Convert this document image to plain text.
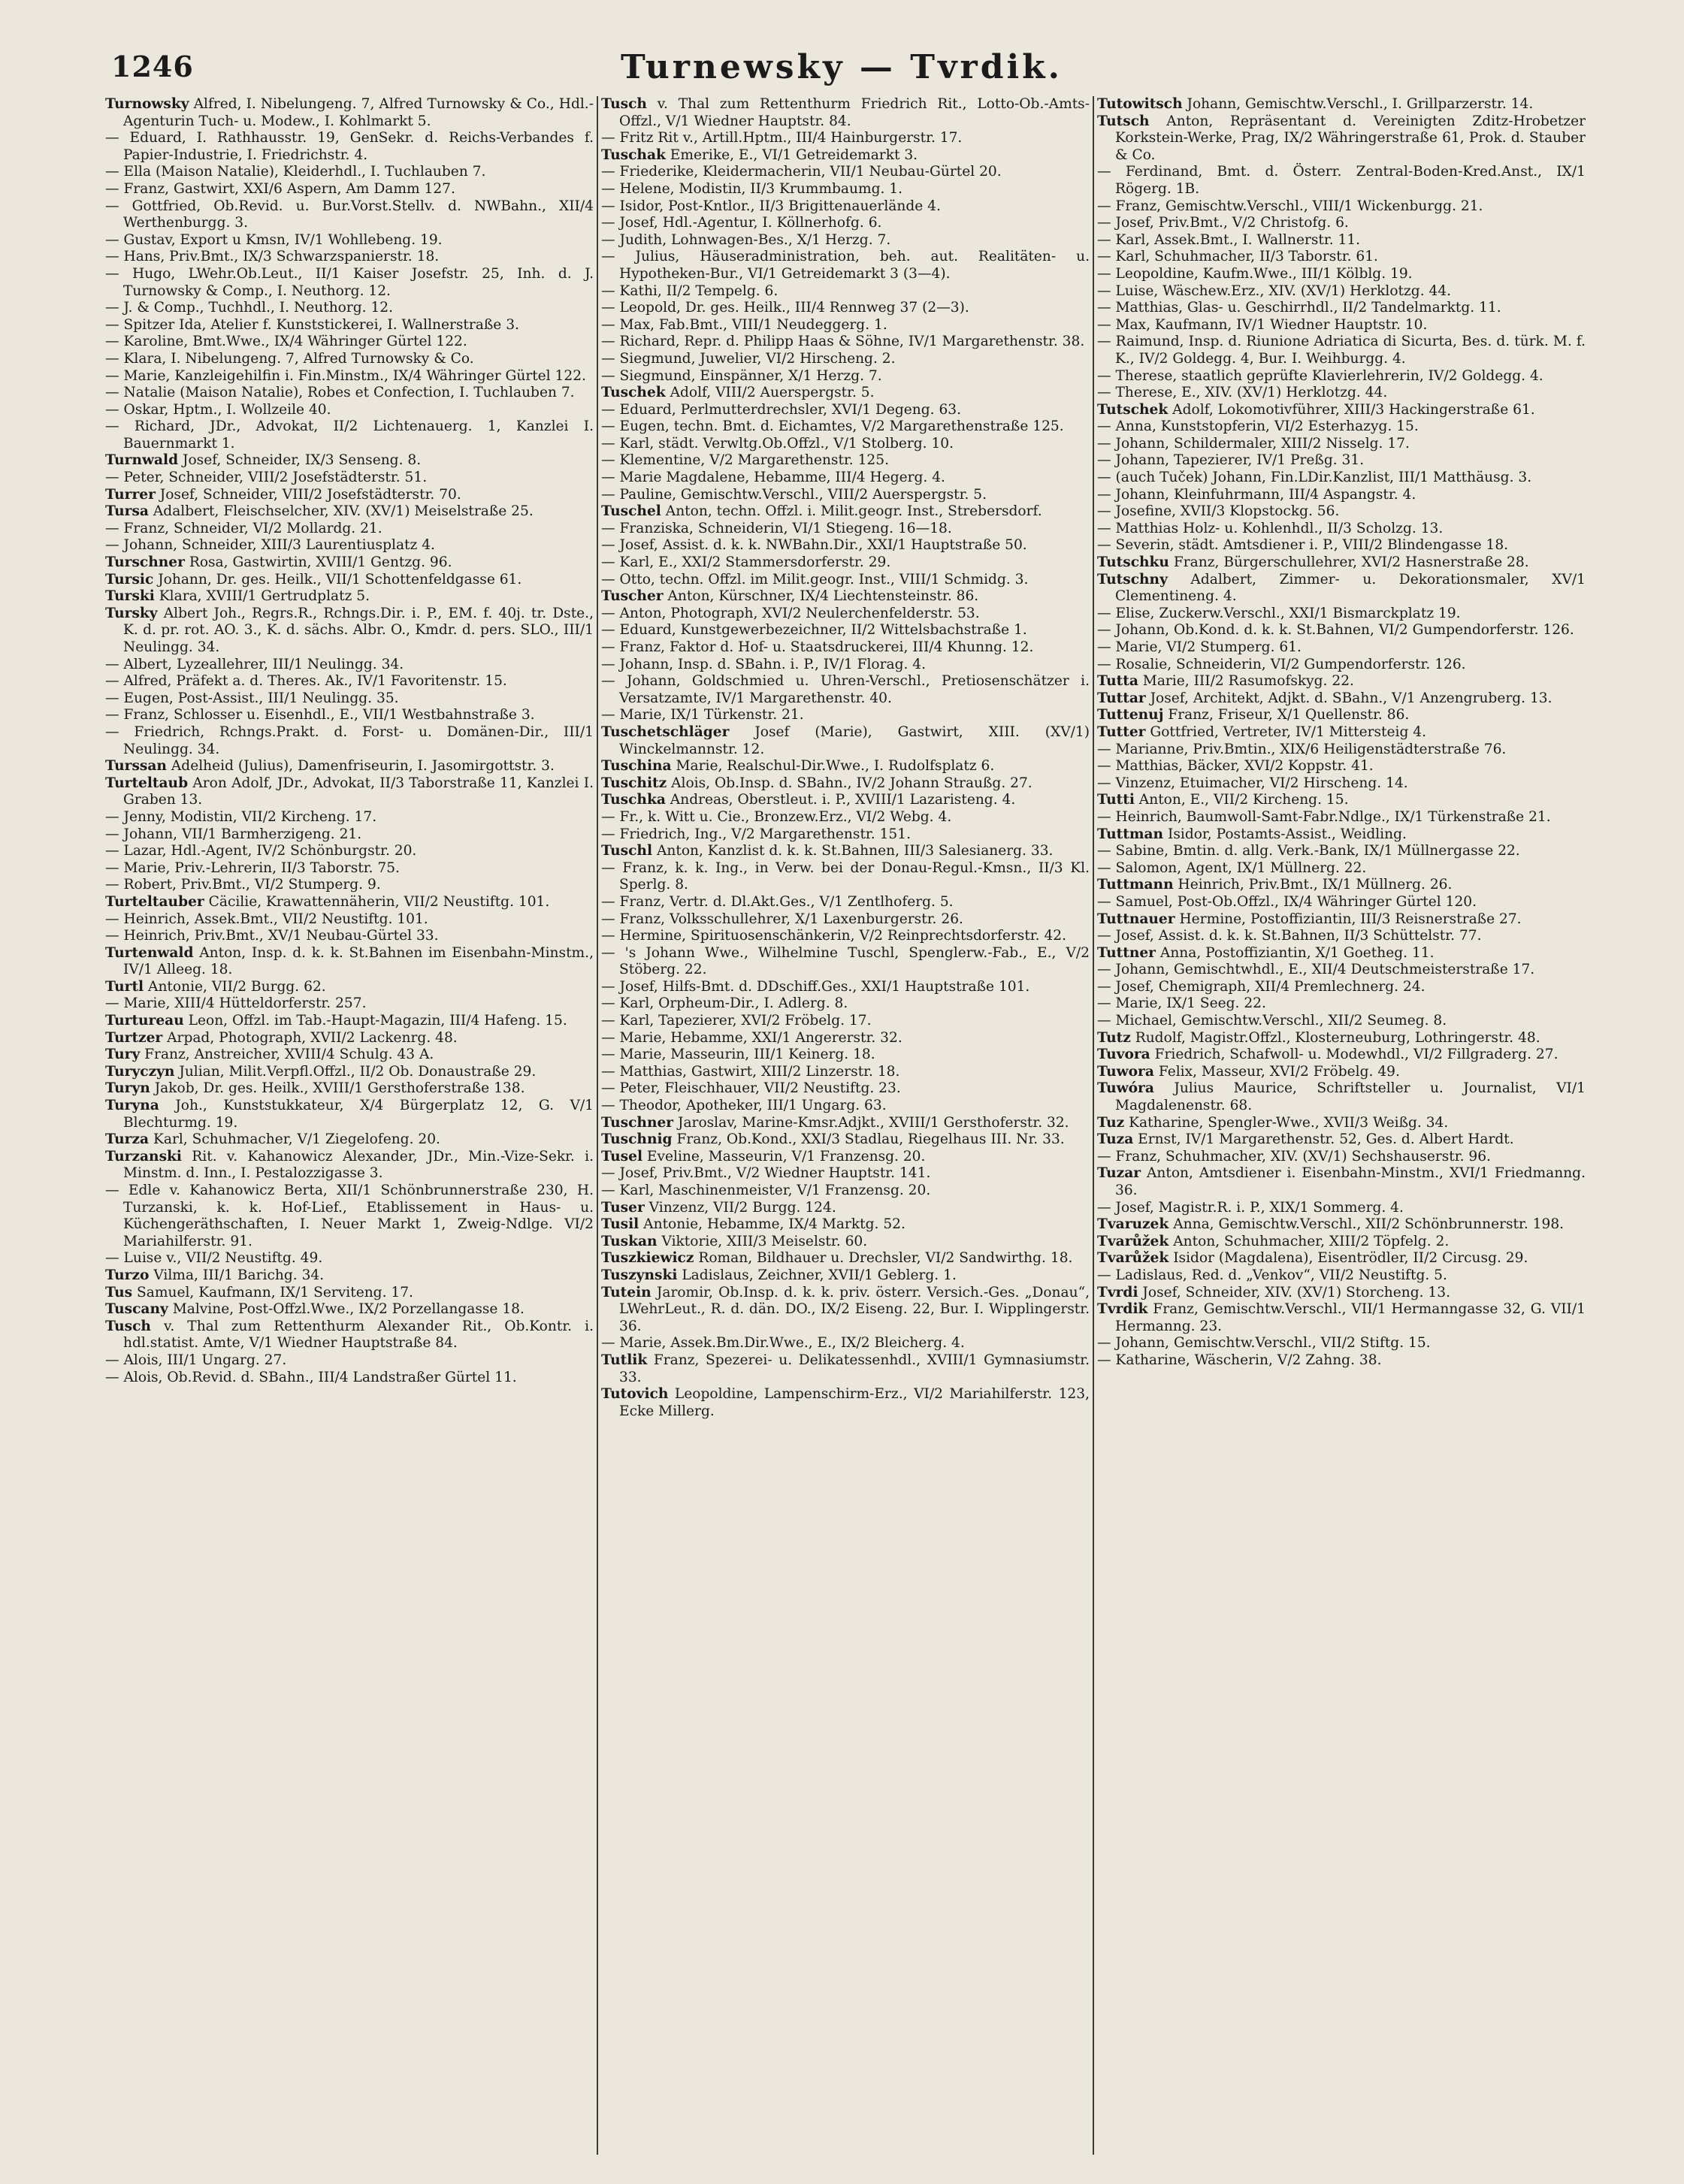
1246	Turnewsky — Tvrdik.

Turnowsky Alfred, I. Nibelungeng. 7, Alfred Turnowsky & Co., Hdl.-Agenturin Tuch- u. Modew., I. Kohlmarkt 5.

— Eduard, I. Rathhausstr. 19, GenSekr. d. Reichs-Verbandes f. Papier-Industrie, I. Friedrichstr. 4.

— Ella (Maison Natalie), Kleiderhdl., I. Tuchlauben 7.

— Franz, Gastwirt, XXI/6 Aspern, Am Damm 127.

— Gottfried, Ob.Revid. u. Bur.Vorst.Stellv. d. NWBahn., XII/4 Werthenburgg. 3.

— Gustav, Export u Kmsn, IV/1 Wohllebeng. 19.

— Hans, Priv.Bmt., IX/3 Schwarzspanierstr. 18.

— Hugo, LWehr.Ob.Leut., II/1 Kaiser Josefstr. 25, Inh. d. J. Turnowsky & Comp., I. Neuthorg. 12.

— J. & Comp., Tuchhdl., I. Neuthorg. 12.

— Spitzer Ida, Atelier f. Kunststickerei, I. Wallnerstraße 3.

— Karoline, Bmt.Wwe., IX/4 Währinger Gürtel 122.

— Klara, I. Nibelungeng. 7, Alfred Turnowsky & Co.

— Marie, Kanzleigehilfin i. Fin.Minstm., IX/4 Währinger Gürtel 122.

— Natalie (Maison Natalie), Robes et Confection, I. Tuchlauben 7.

— Oskar, Hptm., I. Wollzeile 40.

— Richard, JDr., Advokat, II/2 Lichtenauerg. 1, Kanzlei I. Bauernmarkt 1.

Turnwald Josef, Schneider, IX/3 Senseng. 8.

— Peter, Schneider, VIII/2 Josefstädterstr. 51.

Turrer Josef, Schneider, VIII/2 Josefstädterstr. 70.

Tursa Adalbert, Fleischselcher, XIV. (XV/1) Meiselstraße 25.

— Franz, Schneider, VI/2 Mollardg. 21.

— Johann, Schneider, XIII/3 Laurentiusplatz 4.

Turschner Rosa, Gastwirtin, XVIII/1 Gentzg. 96.

Tursic Johann, Dr. ges. Heilk., VII/1 Schottenfeldgasse 61.

Turski Klara, XVIII/1 Gertrudplatz 5.

Tursky Albert Joh., Regrs.R., Rchngs.Dir. i. P., EM. f. 40j. tr. Dste., K. d. pr. rot. AO. 3., K. d. sächs. Albr. O., Kmdr. d. pers. SLO., III/1 Neulingg. 34.

— Albert, Lyzeallehrer, III/1 Neulingg. 34.

— Alfred, Präfekt a. d. Theres. Ak., IV/1 Favoritenstr. 15.

— Eugen, Post-Assist., III/1 Neulingg. 35.

— Franz, Schlosser u. Eisenhdl., E., VII/1 Westbahnstraße 3.

— Friedrich, Rchngs.Prakt. d. Forst- u. Domänen-Dir., III/1 Neulingg. 34.

Turssan Adelheid (Julius), Damenfriseurin, I. Jasomirgottstr. 3.

Turteltaub Aron Adolf, JDr., Advokat, II/3 Taborstraße 11, Kanzlei I. Graben 13.

— Jenny, Modistin, VII/2 Kircheng. 17.

— Johann, VII/1 Barmherzigeng. 21.

— Lazar, Hdl.-Agent, IV/2 Schönburgstr. 20.

— Marie, Priv.-Lehrerin, II/3 Taborstr. 75.

— Robert, Priv.Bmt., VI/2 Stumperg. 9.

Turteltauber Cäcilie, Krawattennäherin, VII/2 Neustiftg. 101.

— Heinrich, Assek.Bmt., VII/2 Neustiftg. 101.

— Heinrich, Priv.Bmt., XV/1 Neubau-Gürtel 33.

Turtenwald Anton, Insp. d. k. k. St.Bahnen im Eisenbahn-Minstm., IV/1 Alleeg. 18.

Turtl Antonie, VII/2 Burgg. 62.

— Marie, XIII/4 Hütteldorferstr. 257.

Turtureau Leon, Offzl. im Tab.-Haupt-Magazin, III/4 Hafeng. 15.

Turtzer Arpad, Photograph, XVII/2 Lackenrg. 48.

Tury Franz, Anstreicher, XVIII/4 Schulg. 43 A.

Turyczyn Julian, Milit.Verpfl.Offzl., II/2 Ob. Donaustraße 29.

Turyn Jakob, Dr. ges. Heilk., XVIII/1 Gersthoferstraße 138.

Turyna Joh., Kunststukkateur, X/4 Bürgerplatz 12, G. V/1 Blechturmg. 19.

Turza Karl, Schuhmacher, V/1 Ziegelofeng. 20.

Turzanski Rit. v. Kahanowicz Alexander, JDr., Min.-Vize-Sekr. i. Minstm. d. Inn., I. Pestalozzigasse 3.

— Edle v. Kahanowicz Berta, XII/1 Schönbrunnerstraße 230, H. Turzanski, k. k. Hof-Lief., Etablissement in Haus- u. Küchengeräthschaften, I. Neuer Markt 1, Zweig-Ndlge. VI/2 Mariahilferstr. 91.

— Luise v., VII/2 Neustiftg. 49.

Turzo Vilma, III/1 Barichg. 34.

Tus Samuel, Kaufmann, IX/1 Serviteng. 17.

Tuscany Malvine, Post-Offzl.Wwe., IX/2 Porzellangasse 18.

Tusch v. Thal zum Rettenthurm Alexander Rit., Ob.Kontr. i. hdl.statist. Amte, V/1 Wiedner Hauptstraße 84.

— Alois, III/1 Ungarg. 27.

— Alois, Ob.Revid. d. SBahn., III/4 Landstraßer Gürtel 11.

Tusch v. Thal zum Rettenthurm Friedrich Rit., Lotto-Ob.-Amts-Offzl., V/1 Wiedner Hauptstr. 84.

— Fritz Rit v., Artill.Hptm., III/4 Hainburgerstr. 17.

Tuschak Emerike, E., VI/1 Getreidemarkt 3.

— Friederike, Kleidermacherin, VII/1 Neubau-Gürtel 20.

— Helene, Modistin, II/3 Krummbaumg. 1.

— Isidor, Post-Kntlor., II/3 Brigittenauerlände 4.

— Josef, Hdl.-Agentur, I. Köllnerhofg. 6.

— Judith, Lohnwagen-Bes., X/1 Herzg. 7.

— Julius, Häuseradministration, beh. aut. Realitäten- u. Hypotheken-Bur., VI/1 Getreidemarkt 3 (3—4).

— Kathi, II/2 Tempelg. 6.

— Leopold, Dr. ges. Heilk., III/4 Rennweg 37 (2—3).

— Max, Fab.Bmt., VIII/1 Neudeggerg. 1.

— Richard, Repr. d. Philipp Haas & Söhne, IV/1 Margarethenstr. 38.

— Siegmund, Juwelier, VI/2 Hirscheng. 2.

— Siegmund, Einspänner, X/1 Herzg. 7.

Tuschek Adolf, VIII/2 Auerspergstr. 5.

— Eduard, Perlmutterdrechsler, XVI/1 Degeng. 63.

— Eugen, techn. Bmt. d. Eichamtes, V/2 Margarethenstraße 125.

— Karl, städt. Verwltg.Ob.Offzl., V/1 Stolberg. 10.

— Klementine, V/2 Margarethenstr. 125.

— Marie Magdalene, Hebamme, III/4 Hegerg. 4.

— Pauline, Gemischtw.Verschl., VIII/2 Auerspergstr. 5.

Tuschel Anton, techn. Offzl. i. Milit.geogr. Inst., Strebersdorf.

— Franziska, Schneiderin, VI/1 Stiegeng. 16—18.

— Josef, Assist. d. k. k. NWBahn.Dir., XXI/1 Hauptstraße 50.

— Karl, E., XXI/2 Stammersdorferstr. 29.

— Otto, techn. Offzl. im Milit.geogr. Inst., VIII/1 Schmidg. 3.

Tuscher Anton, Kürschner, IX/4 Liechtensteinstr. 86.

— Anton, Photograph, XVI/2 Neulerchenfelderstr. 53.

— Eduard, Kunstgewerbezeichner, II/2 Wittelsbachstraße 1.

— Franz, Faktor d. Hof- u. Staatsdruckerei, III/4 Khunng. 12.

— Johann, Insp. d. SBahn. i. P., IV/1 Florag. 4.

— Johann, Goldschmied u. Uhren-Verschl., Pretiosenschätzer i. Versatzamte, IV/1 Margarethenstr. 40.

— Marie, IX/1 Türkenstr. 21.

Tuschetschläger Josef (Marie), Gastwirt, XIII. (XV/1) Winckelmannstr. 12.

Tuschina Marie, Realschul-Dir.Wwe., I. Rudolfsplatz 6.

Tuschitz Alois, Ob.Insp. d. SBahn., IV/2 Johann Straußg. 27.

Tuschka Andreas, Oberstleut. i. P., XVIII/1 Lazaristeng. 4.

— Fr., k. Witt u. Cie., Bronzew.Erz., VI/2 Webg. 4.

— Friedrich, Ing., V/2 Margarethenstr. 151.

Tuschl Anton, Kanzlist d. k. k. St.Bahnen, III/3 Salesianerg. 33.

— Franz, k. k. Ing., in Verw. bei der Donau-Regul.-Kmsn., II/3 Kl. Sperlg. 8.

— Franz, Vertr. d. Dl.Akt.Ges., V/1 Zentlhoferg. 5.

— Franz, Volksschullehrer, X/1 Laxenburgerstr. 26.

— Hermine, Spirituosenschänkerin, V/2 Reinprechtsdorferstr. 42.

— 's Johann Wwe., Wilhelmine Tuschl, Spenglerw.-Fab., E., V/2 Stöberg. 22.

— Josef, Hilfs-Bmt. d. DDschiff.Ges., XXI/1 Hauptstraße 101.

— Karl, Orpheum-Dir., I. Adlerg. 8.

— Karl, Tapezierer, XVI/2 Fröbelg. 17.

— Marie, Hebamme, XXI/1 Angererstr. 32.

— Marie, Masseurin, III/1 Keinerg. 18.

— Matthias, Gastwirt, XIII/2 Linzerstr. 18.

— Peter, Fleischhauer, VII/2 Neustiftg. 23.

— Theodor, Apotheker, III/1 Ungarg. 63.

Tuschner Jaroslav, Marine-Kmsr.Adjkt., XVIII/1 Gersthoferstr. 32.

Tuschnig Franz, Ob.Kond., XXI/3 Stadlau, Riegelhaus III. Nr. 33.

Tusel Eveline, Masseurin, V/1 Franzensg. 20.

— Josef, Priv.Bmt., V/2 Wiedner Hauptstr. 141.

— Karl, Maschinenmeister, V/1 Franzensg. 20.

Tuser Vinzenz, VII/2 Burgg. 124.

Tusil Antonie, Hebamme, IX/4 Marktg. 52.

Tuskan Viktorie, XIII/3 Meiselstr. 60.

Tuszkiewicz Roman, Bildhauer u. Drechsler, VI/2 Sandwirthg. 18.

Tuszynski Ladislaus, Zeichner, XVII/1 Geblerg. 1.

Tutein Jaromir, Ob.Insp. d. k. k. priv. österr. Versich.-Ges. „Donau“, LWehrLeut., R. d. dän. DO., IX/2 Eiseng. 22, Bur. I. Wipplingerstr. 36.

— Marie, Assek.Bm.Dir.Wwe., E., IX/2 Bleicherg. 4.

Tutlik Franz, Spezerei- u. Delikatessenhdl., XVIII/1 Gymnasiumstr. 33.

Tutovich Leopoldine, Lampenschirm-Erz., VI/2 Mariahilferstr. 123, Ecke Millerg.

Tutowitsch Johann, Gemischtw.Verschl., I. Grillparzerstr. 14.

Tutsch Anton, Repräsentant d. Vereinigten Zditz-Hrobetzer Korkstein-Werke, Prag, IX/2 Währingerstraße 61, Prok. d. Stauber & Co.

— Ferdinand, Bmt. d. Österr. Zentral-Boden-Kred.Anst., IX/1 Rögerg. 1B.

— Franz, Gemischtw.Verschl., VIII/1 Wickenburgg. 21.

— Josef, Priv.Bmt., V/2 Christofg. 6.

— Karl, Assek.Bmt., I. Wallnerstr. 11.

— Karl, Schuhmacher, II/3 Taborstr. 61.

— Leopoldine, Kaufm.Wwe., III/1 Kölblg. 19.

— Luise, Wäschew.Erz., XIV. (XV/1) Herklotzg. 44.

— Matthias, Glas- u. Geschirrhdl., II/2 Tandelmarktg. 11.

— Max, Kaufmann, IV/1 Wiedner Hauptstr. 10.

— Raimund, Insp. d. Riunione Adriatica di Sicurta, Bes. d. türk. M. f. K., IV/2 Goldegg. 4, Bur. I. Weihburgg. 4.

— Therese, staatlich geprüfte Klavierlehrerin, IV/2 Goldegg. 4.

— Therese, E., XIV. (XV/1) Herklotzg. 44.

Tutschek Adolf, Lokomotivführer, XIII/3 Hackingerstraße 61.

— Anna, Kunststopferin, VI/2 Esterhazyg. 15.

— Johann, Schildermaler, XIII/2 Nisselg. 17.

— Johann, Tapezierer, IV/1 Preßg. 31.

— (auch Tuček) Johann, Fin.LDir.Kanzlist, III/1 Matthäusg. 3.

— Johann, Kleinfuhrmann, III/4 Aspangstr. 4.

— Josefine, XVII/3 Klopstockg. 56.

— Matthias Holz- u. Kohlenhdl., II/3 Scholzg. 13.

— Severin, städt. Amtsdiener i. P., VIII/2 Blindengasse 18.

Tutschku Franz, Bürgerschullehrer, XVI/2 Hasnerstraße 28.

Tutschny Adalbert, Zimmer- u. Dekorationsmaler, XV/1 Clementineng. 4.

— Elise, Zuckerw.Verschl., XXI/1 Bismarckplatz 19.

— Johann, Ob.Kond. d. k. k. St.Bahnen, VI/2 Gumpendorferstr. 126.

— Marie, VI/2 Stumperg. 61.

— Rosalie, Schneiderin, VI/2 Gumpendorferstr. 126.

Tutta Marie, III/2 Rasumofskyg. 22.

Tuttar Josef, Architekt, Adjkt. d. SBahn., V/1 Anzengruberg. 13.

Tuttenuj Franz, Friseur, X/1 Quellenstr. 86.

Tutter Gottfried, Vertreter, IV/1 Mittersteig 4.

— Marianne, Priv.Bmtin., XIX/6 Heiligenstädterstraße 76.

— Matthias, Bäcker, XVI/2 Koppstr. 41.

— Vinzenz, Etuimacher, VI/2 Hirscheng. 14.

Tutti Anton, E., VII/2 Kircheng. 15.

— Heinrich, Baumwoll-Samt-Fabr.Ndlge., IX/1 Türkenstraße 21.

Tuttman Isidor, Postamts-Assist., Weidling.

— Sabine, Bmtin. d. allg. Verk.-Bank, IX/1 Müllnergasse 22.

— Salomon, Agent, IX/1 Müllnerg. 22.

Tuttmann Heinrich, Priv.Bmt., IX/1 Müllnerg. 26.

— Samuel, Post-Ob.Offzl., IX/4 Währinger Gürtel 120.

Tuttnauer Hermine, Postoffiziantin, III/3 Reisnerstraße 27.

— Josef, Assist. d. k. k. St.Bahnen, II/3 Schüttelstr. 77.

Tuttner Anna, Postoffiziantin, X/1 Goetheg. 11.

— Johann, Gemischtwhdl., E., XII/4 Deutschmeisterstraße 17.

— Josef, Chemigraph, XII/4 Premlechnerg. 24.

— Marie, IX/1 Seeg. 22.

— Michael, Gemischtw.Verschl., XII/2 Seumeg. 8.

Tutz Rudolf, Magistr.Offzl., Klosterneuburg, Lothringerstr. 48.

Tuvora Friedrich, Schafwoll- u. Modewhdl., VI/2 Fillgraderg. 27.

Tuwora Felix, Masseur, XVI/2 Fröbelg. 49.

Tuwóra Julius Maurice, Schriftsteller u. Journalist, VI/1 Magdalenenstr. 68.

Tuz Katharine, Spengler-Wwe., XVII/3 Weißg. 34.

Tuza Ernst, IV/1 Margarethenstr. 52, Ges. d. Albert Hardt.

— Franz, Schuhmacher, XIV. (XV/1) Sechshauserstr. 96.

Tuzar Anton, Amtsdiener i. Eisenbahn-Minstm., XVI/1 Friedmanng. 36.

— Josef, Magistr.R. i. P., XIX/1 Sommerg. 4.

Tvaruzek Anna, Gemischtw.Verschl., XII/2 Schönbrunnerstr. 198.

Tvarůžek Anton, Schuhmacher, XIII/2 Töpfelg. 2.

Tvarůžek Isidor (Magdalena), Eisentrödler, II/2 Circusg. 29.

— Ladislaus, Red. d. „Venkov“, VII/2 Neustiftg. 5.

Tvrdi Josef, Schneider, XIV. (XV/1) Storcheng. 13.

Tvrdik Franz, Gemischtw.Verschl., VII/1 Hermanngasse 32, G. VII/1 Hermanng. 23.

— Johann, Gemischtw.Verschl., VII/2 Stiftg. 15.

— Katharine, Wäscherin, V/2 Zahng. 38.
